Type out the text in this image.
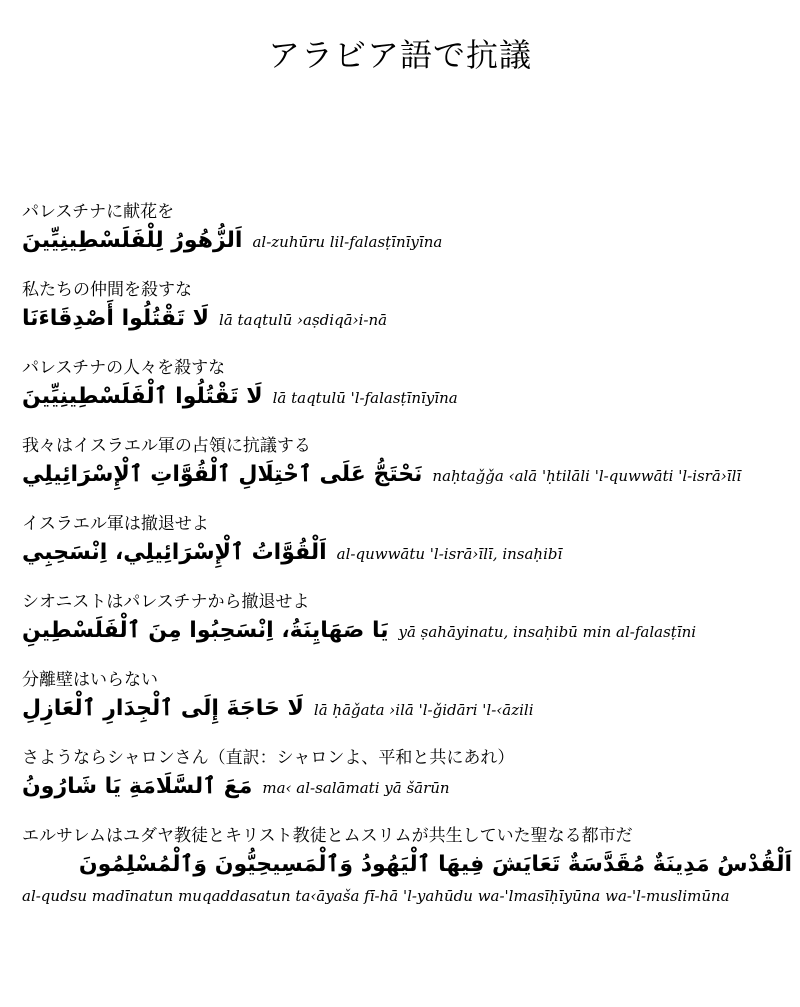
アラビア語で抗議
パレスチナに献花を
اَلزُّهُورُ لِلْفَلَسْطِينِيِّينَ al-zuhūru lil-falasṭīnīyīna
私たちの仲間を殺すな
لَا تَقْتُلُوا أَصْدِقَاءَنَا lā taqtulū ›aṣdiqā›i-nā
パレスチナの人々を殺すな
لَا تَقْتُلُوا ٱلْفَلَسْطِينِيِّينَ lā taqtulū 'l-falasṭīnīyīna
我々はイスラエル軍の占領に抗議する
نَحْتَجُّ عَلَى ٱحْتِلَالِ ٱلْقُوَّاتِ ٱلْإِسْرَائِيلِي naḥtaǧǧa ‹alā 'ḥtilāli 'l-quwwāti 'l-isrā›īlī
イスラエル軍は撤退せよ
اَلْقُوَّاتُ ٱلْإِسْرَائِيلِي، اِنْسَحِبِي al-quwwātu 'l-isrā›īlī, insaḥibī
シオニストはパレスチナから撤退せよ
يَا صَهَايِنَةُ، اِنْسَحِبُوا مِنَ ٱلْفَلَسْطِينِ yā ṣahāyinatu, insaḥibū min al-falasṭīni
分離壁はいらない
لَا حَاجَةَ إِلَى ٱلْجِدَارِ ٱلْعَازِلِ lā ḥāǧata ›ilā 'l-ǧidāri 'l-‹āzili
さようならシャロンさん（直訳：シャロンよ、平和と共にあれ）
مَعَ ٱلسَّلَامَةِ يَا شَارُونُ ma‹ al-salāmati yā šārūn
エルサレムはユダヤ教徒とキリスト教徒とムスリムが共生していた聖なる都市だ
اَلْقُدْسُ مَدِينَةٌ مُقَدَّسَةٌ تَعَايَشَ فِيهَا ٱلْيَهُودُ وَٱلْمَسِيحِيُّونَ وَٱلْمُسْلِمُونَ
al-qudsu madīnatun muqaddasatun ta‹āyaša fī-hā 'l-yahūdu wa-'lmasīḥīyūna wa-'l-muslimūna
